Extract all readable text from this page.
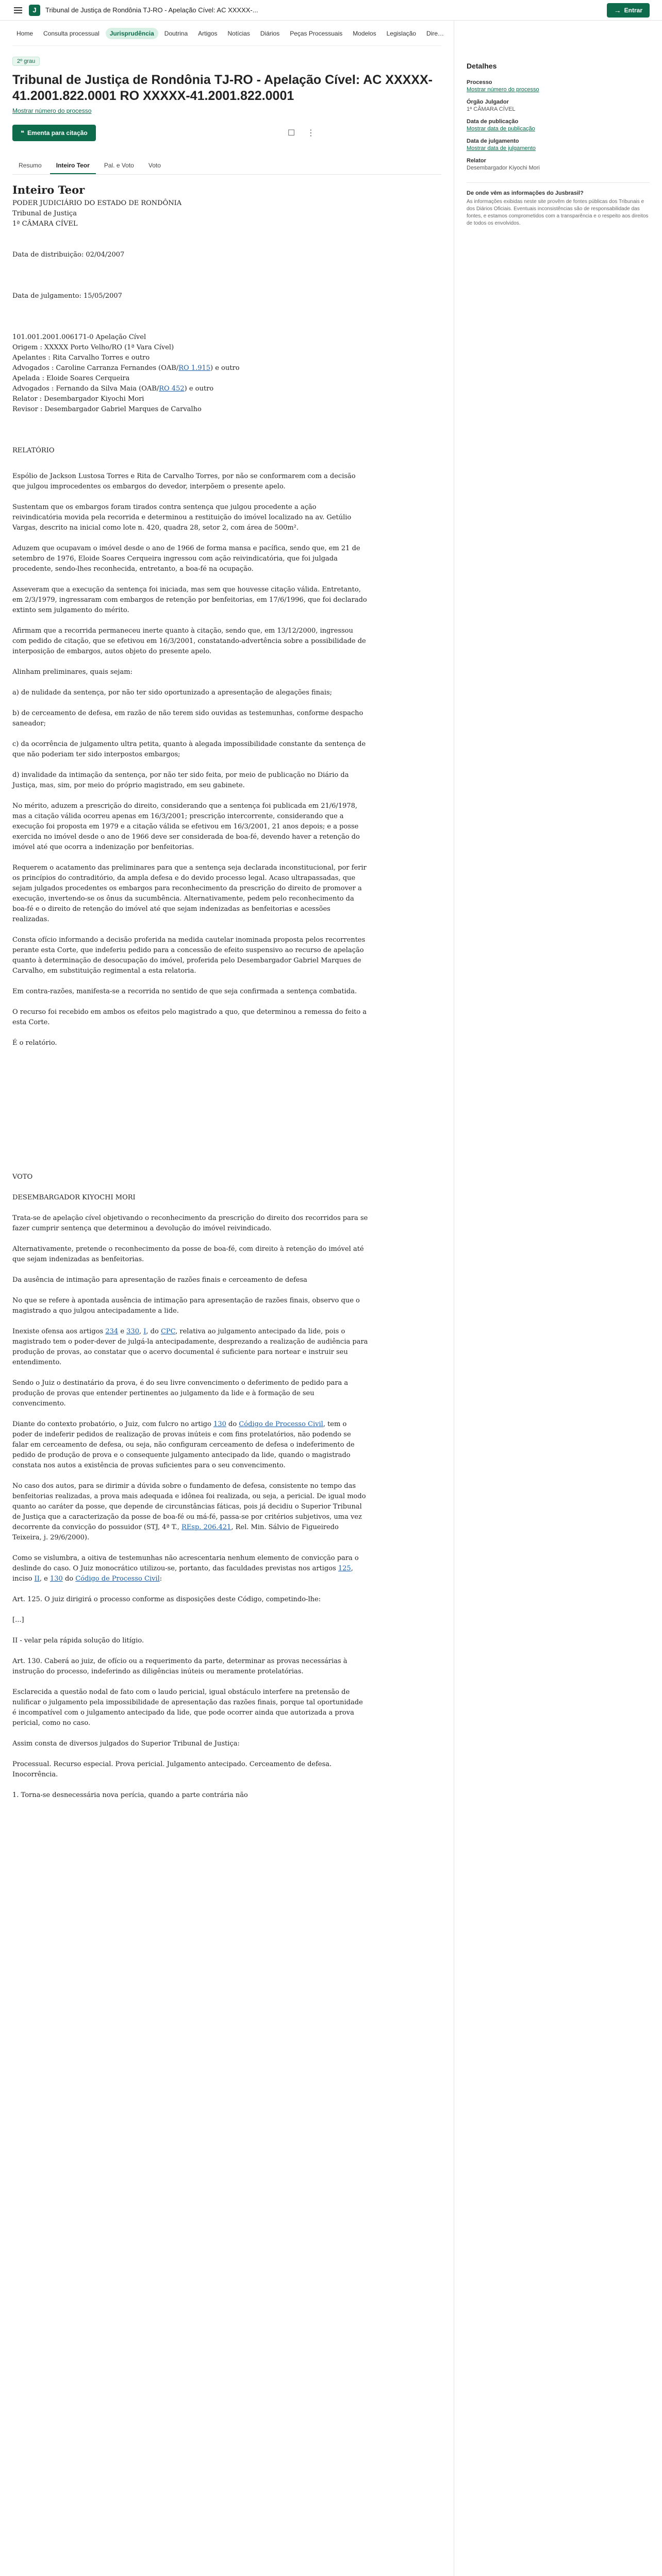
J	Tribunal de Justiça de Rondônia TJ-RO - Apelação Cível: AC XXXXX-...	→ Entrar
Home	Consulta processual	Jurisprudência	Doutrina	Artigos	Notícias	Diários	Peças Processuais	Modelos	Legislação	Dire…
2º grau
Tribunal de Justiça de Rondônia TJ-RO - Apelação Cível: AC XXXXX-41.2001.822.0001 RO XXXXX-41.2001.822.0001
Mostrar número do processo
❝ Ementa para citação	☐	⋮
Resumo	Inteiro Teor	Pal. e Voto	Voto
Inteiro Teor

PODER JUDICIÁRIO DO ESTADO DE RONDÔNIA

Tribunal de Justiça

1ª CÂMARA CÍVEL

Data de distribuição: 02/04/2007

Data de julgamento: 15/05/2007

101.001.2001.006171-0 Apelação Cível

Origem : XXXXX Porto Velho/RO (1ª Vara Cível)

Apelantes : Rita Carvalho Torres e outro

Advogados : Caroline Carranza Fernandes (OAB/RO 1.915) e outro

Apelada : Eloide Soares Cerqueira

Advogados : Fernando da Silva Maia (OAB/RO 452) e outro

Relator : Desembargador Kiyochi Mori

Revisor : Desembargador Gabriel Marques de Carvalho

RELATÓRIO

Espólio de Jackson Lustosa Torres e Rita de Carvalho Torres, por não se conformarem com a decisão que julgou improcedentes os embargos do devedor, interpõem o presente apelo.

Sustentam que os embargos foram tirados contra sentença que julgou procedente a ação reivindicatória movida pela recorrida e determinou a restituição do imóvel localizado na av. Getúlio Vargas, descrito na inicial como lote n. 420, quadra 28, setor 2, com área de 500m².

Aduzem que ocupavam o imóvel desde o ano de 1966 de forma mansa e pacífica, sendo que, em 21 de setembro de 1976, Eloide Soares Cerqueira ingressou com ação reivindicatória, que foi julgada procedente, sendo-lhes reconhecida, entretanto, a boa-fé na ocupação.

Asseveram que a execução da sentença foi iniciada, mas sem que houvesse citação válida. Entretanto, em 2/3/1979, ingressaram com embargos de retenção por benfeitorias, em 17/6/1996, que foi declarado extinto sem julgamento do mérito.

Afirmam que a recorrida permaneceu inerte quanto à citação, sendo que, em 13/12/2000, ingressou com pedido de citação, que se efetivou em 16/3/2001, constatando-advertência sobre a possibilidade de interposição de embargos, autos objeto do presente apelo.

Alinham preliminares, quais sejam:

a) de nulidade da sentença, por não ter sido oportunizado a apresentação de alegações finais;

b) de cerceamento de defesa, em razão de não terem sido ouvidas as testemunhas, conforme despacho saneador;

c) da ocorrência de julgamento ultra petita, quanto à alegada impossibilidade constante da sentença de que não poderiam ter sido interpostos embargos;

d) invalidade da intimação da sentença, por não ter sido feita, por meio de publicação no Diário da Justiça, mas, sim, por meio do próprio magistrado, em seu gabinete.

No mérito, aduzem a prescrição do direito, considerando que a sentença foi publicada em 21/6/1978, mas a citação válida ocorreu apenas em 16/3/2001; prescrição intercorrente, considerando que a execução foi proposta em 1979 e a citação válida se efetivou em 16/3/2001, 21 anos depois; e a posse exercida no imóvel desde o ano de 1966 deve ser considerada de boa-fé, devendo haver a retenção do imóvel até que ocorra a indenização por benfeitorias.

Requerem o acatamento das preliminares para que a sentença seja declarada inconstitucional, por ferir os princípios do contraditório, da ampla defesa e do devido processo legal. Acaso ultrapassadas, que sejam julgados procedentes os embargos para reconhecimento da prescrição do direito de promover a execução, invertendo-se os ônus da sucumbência. Alternativamente, pedem pelo reconhecimento da boa-fé e o direito de retenção do imóvel até que sejam indenizadas as benfeitorias e acessões realizadas.

Consta ofício informando a decisão proferida na medida cautelar inominada proposta pelos recorrentes perante esta Corte, que indeferiu pedido para a concessão de efeito suspensivo ao recurso de apelação quanto à determinação de desocupação do imóvel, proferida pelo Desembargador Gabriel Marques de Carvalho, em substituição regimental a esta relatoria.

Em contra-razões, manifesta-se a recorrida no sentido de que seja confirmada a sentença combatida.

O recurso foi recebido em ambos os efeitos pelo magistrado a quo, que determinou a remessa do feito a esta Corte.

É o relatório.

VOTO

DESEMBARGADOR KIYOCHI MORI

Trata-se de apelação cível objetivando o reconhecimento da prescrição do direito dos recorridos para se fazer cumprir sentença que determinou a devolução do imóvel reivindicado.

Alternativamente, pretende o reconhecimento da posse de boa-fé, com direito à retenção do imóvel até que sejam indenizadas as benfeitorias.

Da ausência de intimação para apresentação de razões finais e cerceamento de defesa

No que se refere à apontada ausência de intimação para apresentação de razões finais, observo que o magistrado a quo julgou antecipadamente a lide.

Inexiste ofensa aos artigos 234 e 330, I, do CPC, relativa ao julgamento antecipado da lide, pois o magistrado tem o poder-dever de julgá-la antecipadamente, desprezando a realização de audiência para produção de provas, ao constatar que o acervo documental é suficiente para nortear e instruir seu entendimento.

Sendo o Juiz o destinatário da prova, é do seu livre convencimento o deferimento de pedido para a produção de provas que entender pertinentes ao julgamento da lide e à formação de seu convencimento.

Diante do contexto probatório, o Juiz, com fulcro no artigo 130 do Código de Processo Civil, tem o poder de indeferir pedidos de realização de provas inúteis e com fins protelatórios, não podendo se falar em cerceamento de defesa, ou seja, não configuram cerceamento de defesa o indeferimento de pedido de produção de prova e o consequente julgamento antecipado da lide, quando o magistrado constata nos autos a existência de provas suficientes para o seu convencimento.

No caso dos autos, para se dirimir a dúvida sobre o fundamento de defesa, consistente no tempo das benfeitorias realizadas, a prova mais adequada e idônea foi realizada, ou seja, a pericial. De igual modo quanto ao caráter da posse, que depende de circunstâncias fáticas, pois já decidiu o Superior Tribunal de Justiça que a caracterização da posse de boa-fé ou má-fé, passa-se por critérios subjetivos, uma vez decorrente da convicção do possuidor (STJ, 4ª T., REsp. 206.421, Rel. Min. Sálvio de Figueiredo Teixeira, j. 29/6/2000).

Como se vislumbra, a oitiva de testemunhas não acrescentaria nenhum elemento de convicção para o deslinde do caso. O Juiz monocrático utilizou-se, portanto, das faculdades previstas nos artigos 125, inciso II, e 130 do Código de Processo Civil:

Art. 125. O juiz dirigirá o processo conforme as disposições deste Código, competindo-lhe:

[...]

II - velar pela rápida solução do litígio.

Art. 130. Caberá ao juiz, de ofício ou a requerimento da parte, determinar as provas necessárias à instrução do processo, indeferindo as diligências inúteis ou meramente protelatórias.

Esclarecida a questão nodal de fato com o laudo pericial, igual obstáculo interfere na pretensão de nulificar o julgamento pela impossibilidade de apresentação das razões finais, porque tal oportunidade é incompatível com o julgamento antecipado da lide, que pode ocorrer ainda que autorizada a prova pericial, como no caso.

Assim consta de diversos julgados do Superior Tribunal de Justiça:

Processual. Recurso especial. Prova pericial. Julgamento antecipado. Cerceamento de defesa. Inocorrência.

1. Torna-se desnecessária nova perícia, quando a parte contrária não

Detalhes
Processo
Mostrar número do processo
Órgão Julgador
1ª CÂMARA CÍVEL
Data de publicação
Mostrar data de publicação
Data de julgamento
Mostrar data de julgamento
Relator
Desembargador Kiyochi Mori
De onde vêm as informações do Jusbrasil?
As informações exibidas neste site provêm de fontes públicas dos Tribunais e dos Diários Oficiais. Eventuais inconsistências são de responsabilidade das fontes, e estamos comprometidos com a transparência e o respeito aos direitos de todos os envolvidos.
